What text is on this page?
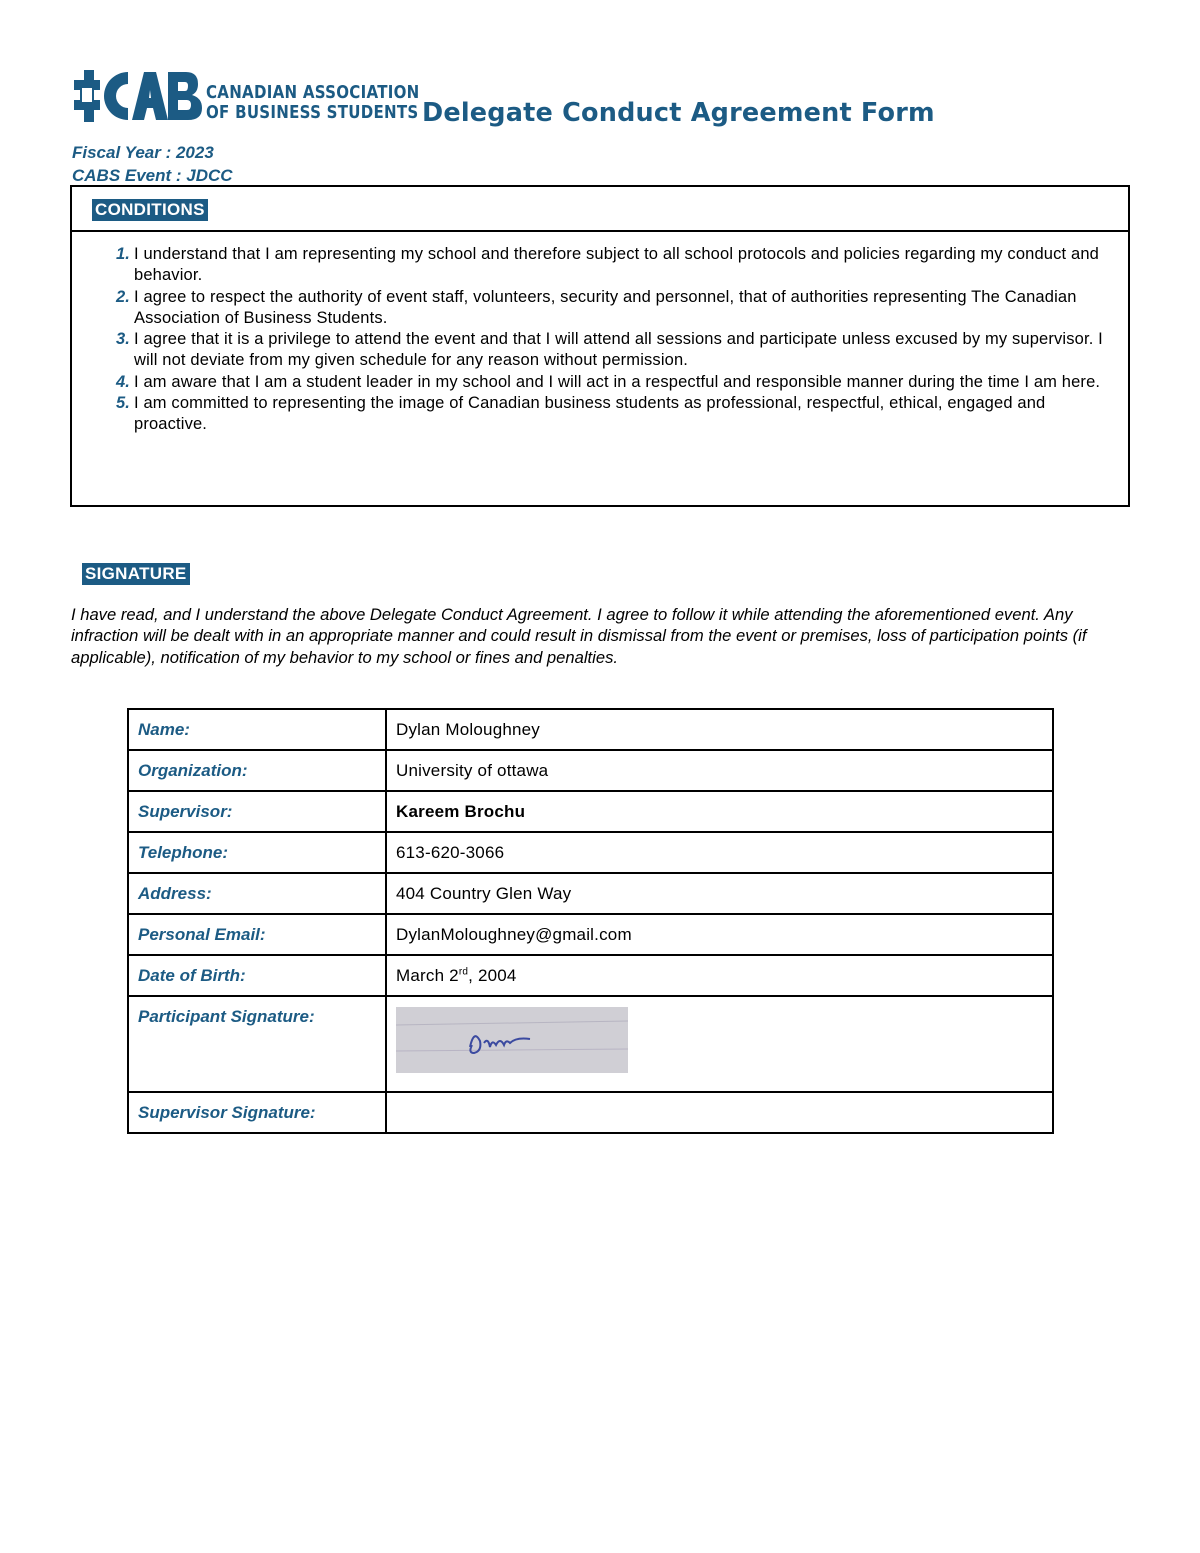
CANADIAN ASSOCIATION
OF BUSINESS STUDENTS Delegate Conduct Agreement Form
Fiscal Year : 2023
CABS Event : JDCC
CONDITIONS
1. I understand that I am representing my school and therefore subject to all school protocols and policies regarding my conduct and behavior.
2. I agree to respect the authority of event staff, volunteers, security and personnel, that of authorities representing The Canadian Association of Business Students.
3. I agree that it is a privilege to attend the event and that I will attend all sessions and participate unless excused by my supervisor. I will not deviate from my given schedule for any reason without permission.
4. I am aware that I am a student leader in my school and I will act in a respectful and responsible manner during the time I am here.
5. I am committed to representing the image of Canadian business students as professional, respectful, ethical, engaged and proactive.
SIGNATURE
I have read, and I understand the above Delegate Conduct Agreement. I agree to follow it while attending the aforementioned event. Any infraction will be dealt with in an appropriate manner and could result in dismissal from the event or premises, loss of participation points (if applicable), notification of my behavior to my school or fines and penalties.
Name:	Dylan Moloughney
Organization:	University of ottawa
Supervisor:	Kareem Brochu
Telephone:	613-620-3066
Address:	404 Country Glen Way
Personal Email:	DylanMoloughney@gmail.com
Date of Birth:	March 2rd, 2004
Participant Signature:	

Supervisor Signature:	
